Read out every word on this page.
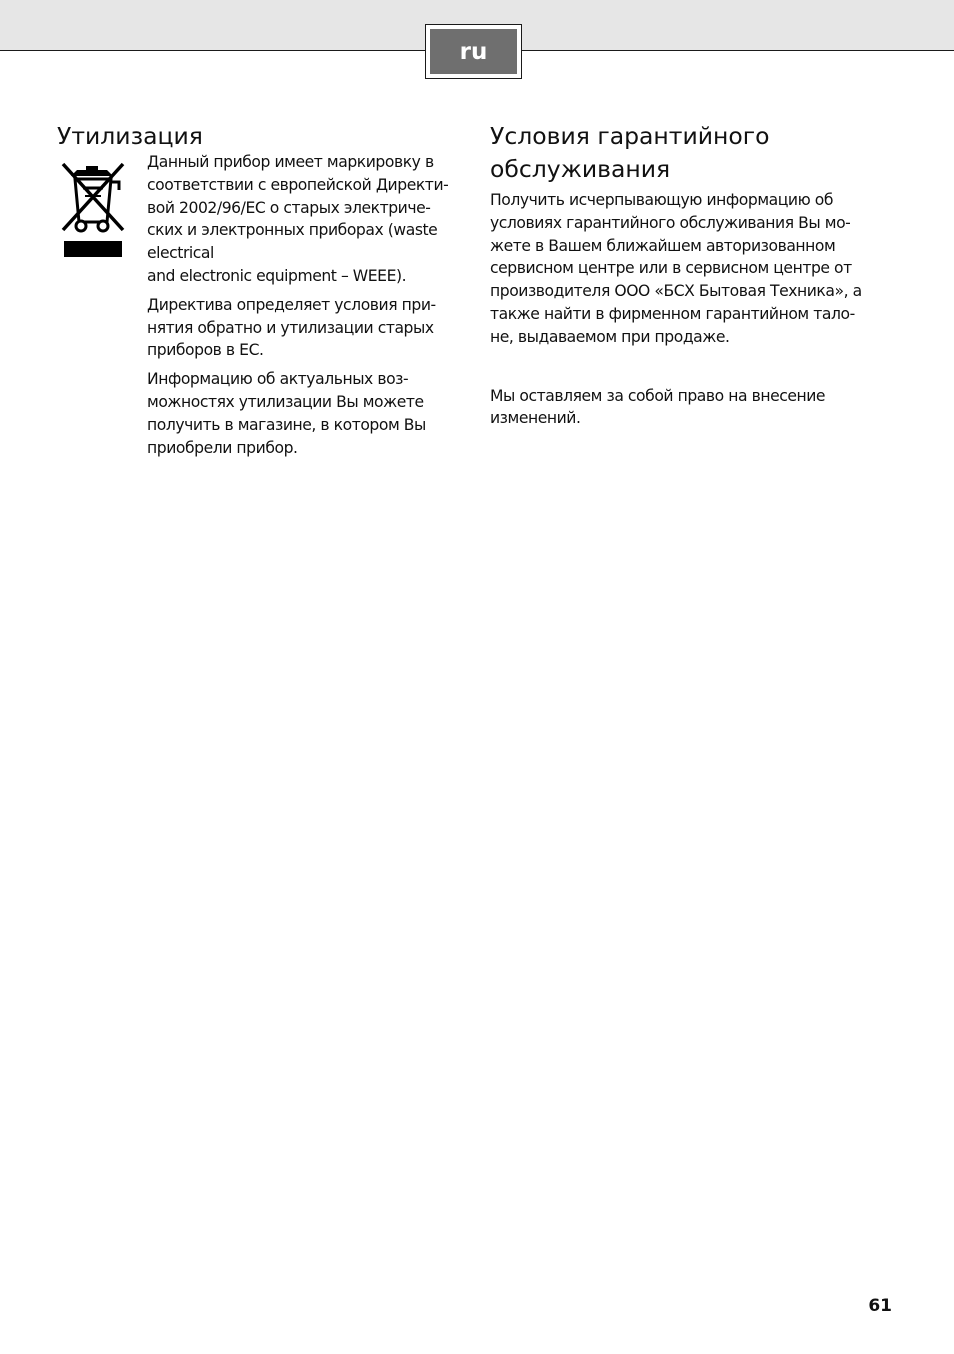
ru
Утилизация

Данный прибор имеет маркировку в
соответствии с европейской Директи-
вой 2002/96/EC о старых электриче-
ских и электронных приборах (waste
electrical
and electronic equipment – WEEE).

Директива определяет условия при-
нятия обратно и утилизации старых
приборов в ЕС.

Информацию об актуальных воз-
можностях утилизации Вы можете
получить в магазине, в котором Вы
приобрели прибор.

Условия гарантийного
обслуживания

Получить исчерпывающую информацию об
условиях гарантийного обслуживания Вы мо-
жете в Вашем ближайшем авторизованном
сервисном центре или в сервисном центре от
производителя ООО «БСХ Бытовая Техника», а
также найти в фирменном гарантийном тало-
не, выдаваемом при продаже.

Мы оставляем за собой право на внесение
изменений.

61
